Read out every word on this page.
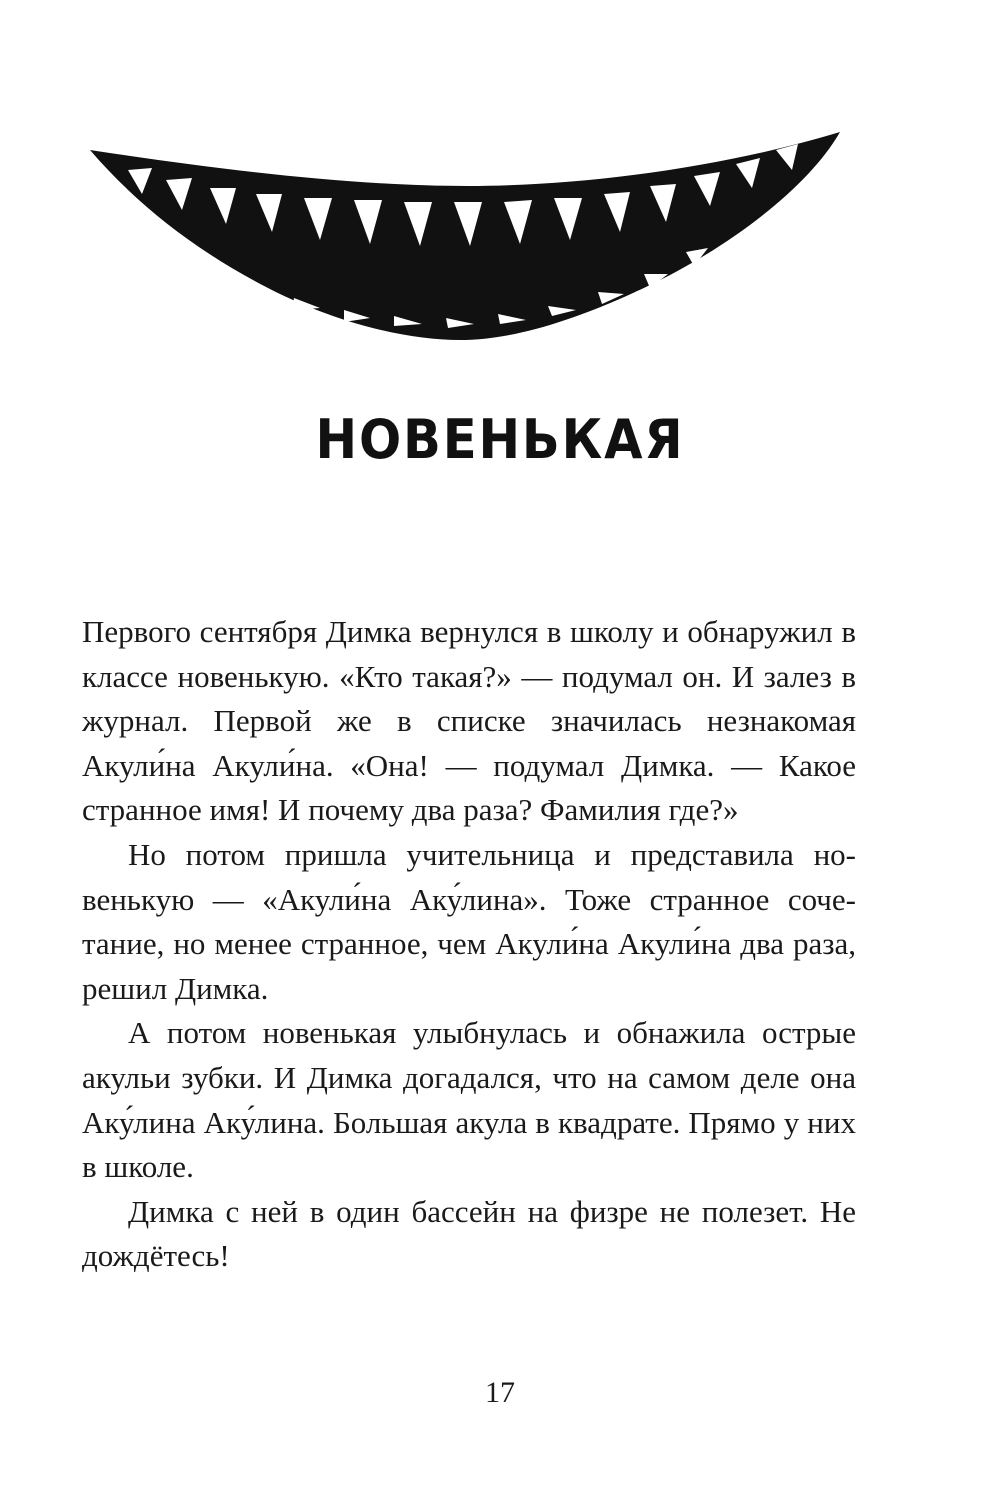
НОВЕНЬКАЯ

Первого сентября Димка вернулся в школу и обнаружил в классе новенькую. «Кто такая?» — подумал он. И залез в журнал. Первой же в списке значилась незнакомая Акули́на Акули́на. «Она! — подумал Димка. — Какое странное имя! И почему два раза? Фамилия где?»

Но потом пришла учительница и представила новенькую — «Акули́на Аку́лина». Тоже странное сочетание, но менее странное, чем Акули́на Акули́на два раза, решил Димка.

А потом новенькая улыбнулась и обнажила острые акульи зубки. И Димка догадался, что на самом деле она Аку́лина Аку́лина. Большая акула в квадрате. Прямо у них в школе.

Димка с ней в один бассейн на физре не полезет. Не дождётесь!

17
